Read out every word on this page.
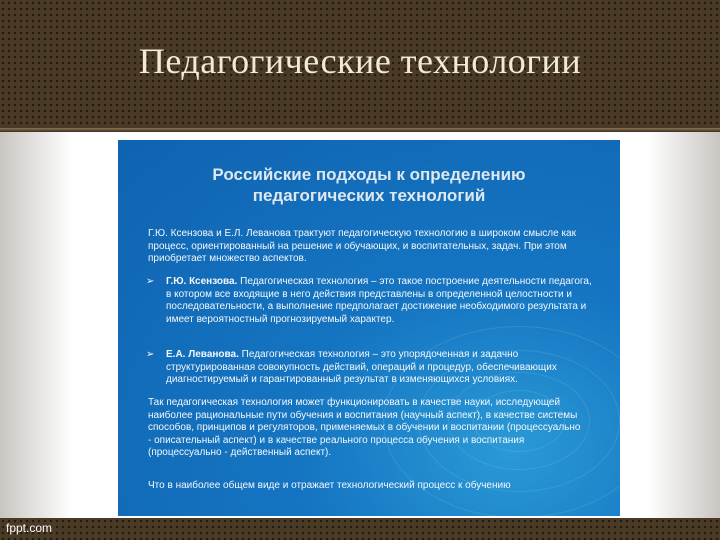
Педагогические технологии
Российские подходы к определению
педагогических технологий
Г.Ю. Ксензова и Е.Л. Леванова трактуют педагогическую технологию в широком смысле как процесс, ориентированный на решение и обучающих, и воспитательных, задач. При этом приобретает множество аспектов.
➢ Г.Ю. Ксензова. Педагогическая технология – это такое построение деятельности педагога, в котором все входящие в него действия представлены в определенной целостности и последовательности, а выполнение предполагает достижение необходимого результата и имеет вероятностный прогнозируемый характер.
➢ Е.А. Леванова. Педагогическая технология – это упорядоченная и задачно структурированная совокупность действий, операций и процедур, обеспечивающих диагностируемый и гарантированный результат в изменяющихся условиях.
Так педагогическая технология может функционировать в качестве науки, исследующей наиболее рациональные пути обучения и воспитания (научный аспект), в качестве системы способов, принципов и регуляторов, применяемых в обучении и воспитании (процессуально - описательный аспект) и в качестве реального процесса обучения и воспитания (процессуально - действенный аспект).
Что в наиболее общем виде и отражает технологический процесс к обучению
fppt.com
